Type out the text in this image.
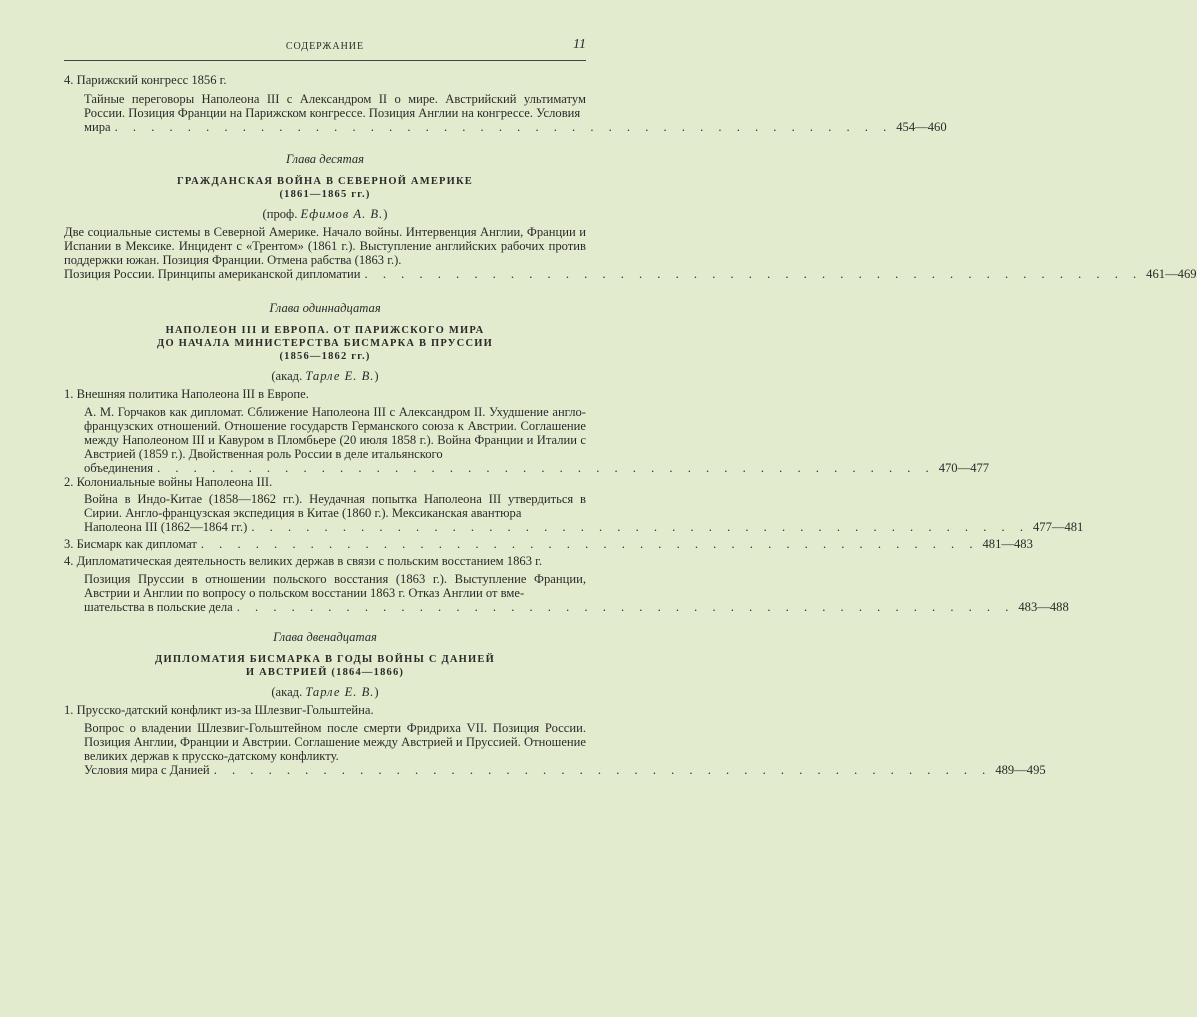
СОДЕРЖАНИЕ	11
4. Парижский конгресс 1856 г.
Тайные переговоры Наполеона III с Александром II о мире. Австрийский ультиматум России. Позиция Франции на Парижском конгрессе. Позиция Англии на конгрессе. Условия
мира . . . . . . . . . . . . . . . . . . . . . . . . . . . . . . . . . . . . . . . . . . . 454—460
Глава десятая
ГРАЖДАНСКАЯ ВОЙНА В СЕВЕРНОЙ АМЕРИКЕ
(1861—1865 гг.)
(проф. Ефимов А. В.)
Две социальные системы в Северной Америке. Начало войны. Интервенция Англии, Франции и Испании в Мексике. Инцидент с «Трентом» (1861 г.). Выступление английских рабочих против поддержки южан. Позиция Франции. Отмена рабства (1863 г.).
Позиция России. Принципы американской дипломатии . . . . . . . . . . . . . . . . . . . . . . . . . . . . . . . . . . . . . . . . . . . 461—469
Глава одиннадцатая
НАПОЛЕОН III И ЕВРОПА. ОТ ПАРИЖСКОГО МИРА
ДО НАЧАЛА МИНИСТЕРСТВА БИСМАРКА В ПРУССИИ
(1856—1862 гг.)
(акад. Тарле Е. В.)
1. Внешняя политика Наполеона III в Европе.
А. М. Горчаков как дипломат. Сближение Наполеона III с Александром II. Ухудшение англо-французских отношений. Отношение государств Германского союза к Австрии. Соглашение между Наполеоном III и Кавуром в Пломбьере (20 июля 1858 г.). Война Франции и Италии с Австрией (1859 г.). Двойственная роль России в деле итальянского
объединения . . . . . . . . . . . . . . . . . . . . . . . . . . . . . . . . . . . . . . . . . . . 470—477
2. Колониальные войны Наполеона III.
Война в Индо-Китае (1858—1862 гг.). Неудачная попытка Наполеона III утвердиться в Сирии. Англо-французская экспедиция в Китае (1860 г.). Мексиканская авантюра
Наполеона III (1862—1864 гг.) . . . . . . . . . . . . . . . . . . . . . . . . . . . . . . . . . . . . . . . . . . . 477—481
3. Бисмарк как дипломат . . . . . . . . . . . . . . . . . . . . . . . . . . . . . . . . . . . . . . . . . . . 481—483
4. Дипломатическая деятельность великих держав в связи с польским восстанием 1863 г.
Позиция Пруссии в отношении польского восстания (1863 г.). Выступление Франции, Австрии и Англии по вопросу о польском восстании 1863 г. Отказ Англии от вме-
шательства в польские дела . . . . . . . . . . . . . . . . . . . . . . . . . . . . . . . . . . . . . . . . . . . 483—488
Глава двенадцатая
ДИПЛОМАТИЯ БИСМАРКА В ГОДЫ ВОЙНЫ С ДАНИЕЙ
И АВСТРИЕЙ (1864—1866)
(акад. Тарле Е. В.)
1. Прусско-датский конфликт из-за Шлезвиг-Гольштейна.
Вопрос о владении Шлезвиг-Гольштейном после смерти Фридриха VII. Позиция России. Позиция Англии, Франции и Австрии. Соглашение между Австрией и Пруссией. Отношение великих держав к прусско-датскому конфликту.
Условия мира с Данией . . . . . . . . . . . . . . . . . . . . . . . . . . . . . . . . . . . . . . . . . . . 489—495
